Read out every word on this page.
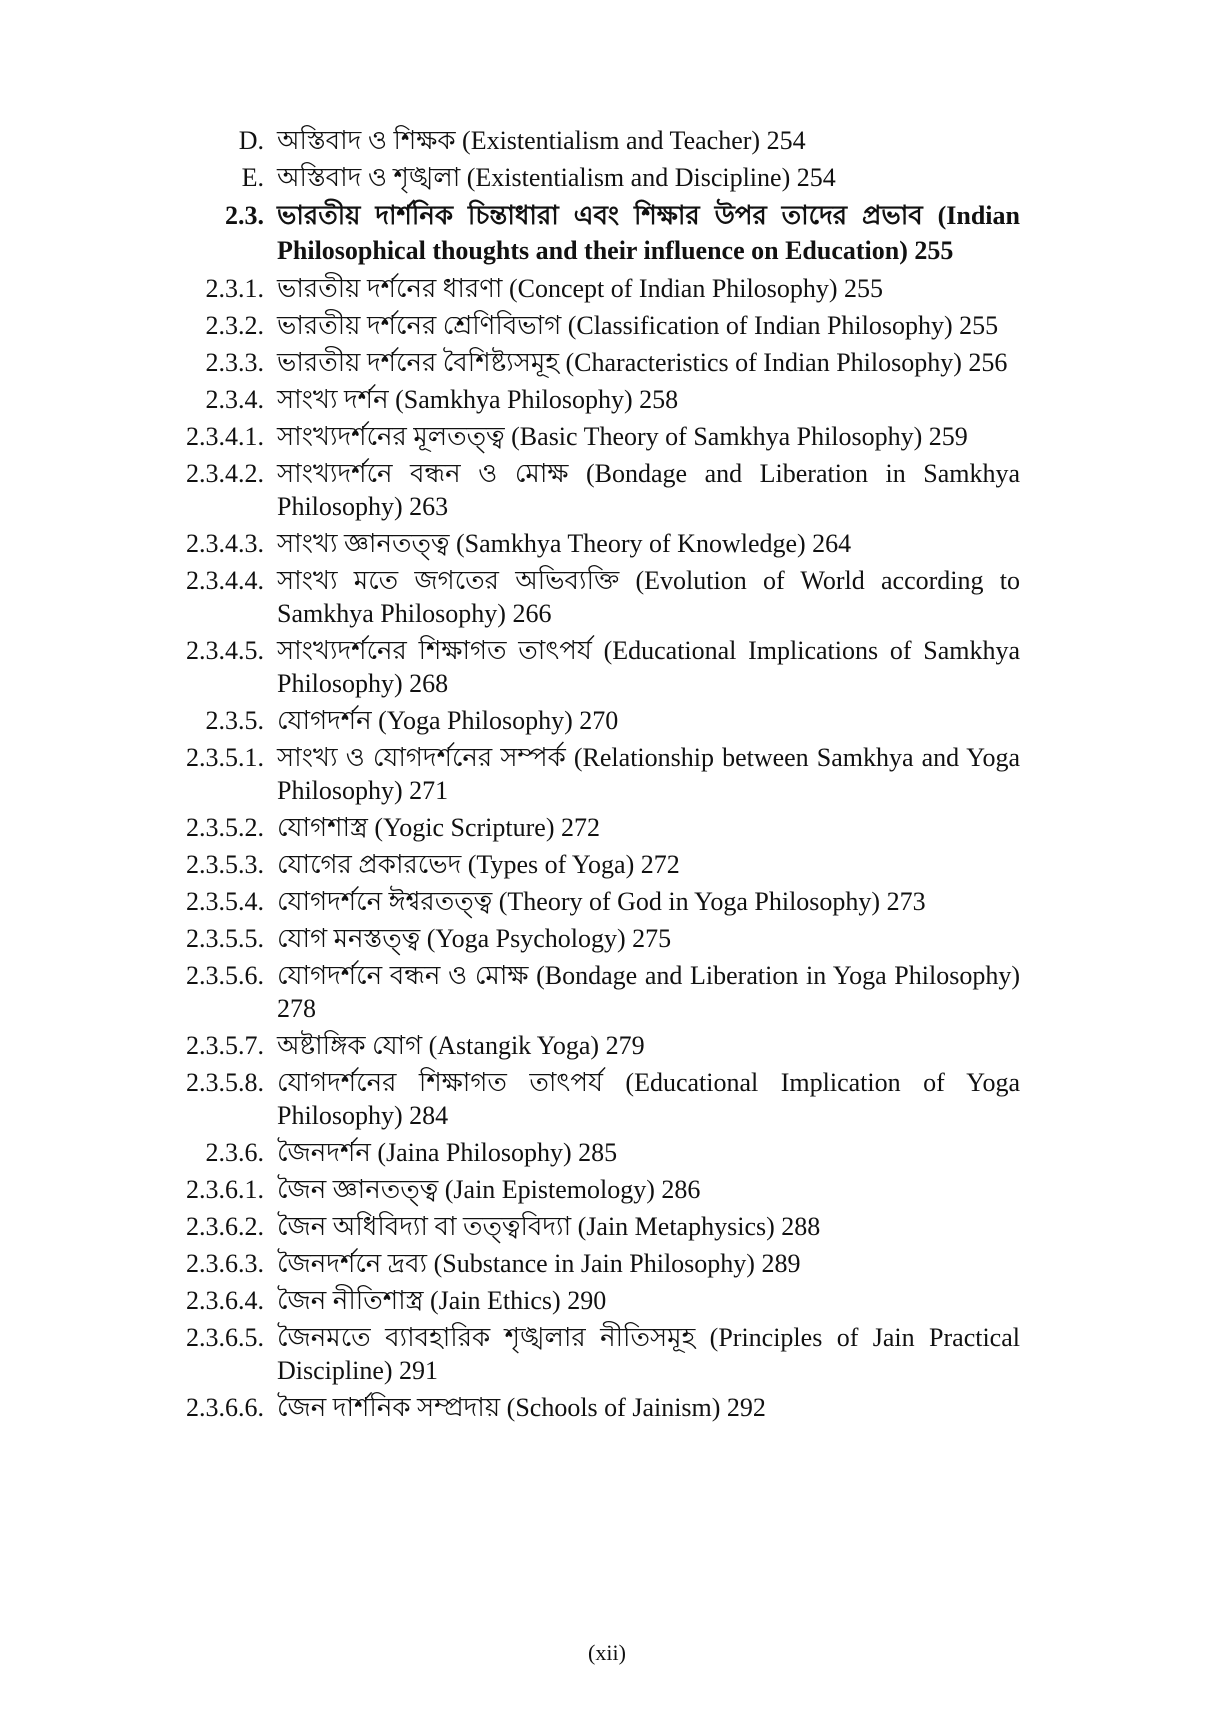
D. অস্তিবাদ ও শিক্ষক (Existentialism and Teacher) 254
E. অস্তিবাদ ও শৃঙ্খলা (Existentialism and Discipline) 254
2.3. ভারতীয় দার্শনিক চিন্তাধারা এবং শিক্ষার উপর তাদের প্রভাব (Indian Philosophical thoughts and their influence on Education) 255
2.3.1. ভারতীয় দর্শনের ধারণা (Concept of Indian Philosophy) 255
2.3.2. ভারতীয় দর্শনের শ্রেণিবিভাগ (Classification of Indian Philosophy) 255
2.3.3. ভারতীয় দর্শনের বৈশিষ্ট্যসমূহ (Characteristics of Indian Philosophy) 256
2.3.4. সাংখ্য দর্শন (Samkhya Philosophy) 258
2.3.4.1. সাংখ্যদর্শনের মূলতত্ত্ব (Basic Theory of Samkhya Philosophy) 259
2.3.4.2. সাংখ্যদর্শনে বন্ধন ও মোক্ষ (Bondage and Liberation in Samkhya Philosophy) 263
2.3.4.3. সাংখ্য জ্ঞানতত্ত্ব (Samkhya Theory of Knowledge) 264
2.3.4.4. সাংখ্য মতে জগতের অভিব্যক্তি (Evolution of World according to Samkhya Philosophy) 266
2.3.4.5. সাংখ্যদর্শনের শিক্ষাগত তাৎপর্য (Educational Implications of Samkhya Philosophy) 268
2.3.5. যোগদর্শন (Yoga Philosophy) 270
2.3.5.1. সাংখ্য ও যোগদর্শনের সম্পর্ক (Relationship between Samkhya and Yoga Philosophy) 271
2.3.5.2. যোগশাস্ত্র (Yogic Scripture) 272
2.3.5.3. যোগের প্রকারভেদ (Types of Yoga) 272
2.3.5.4. যোগদর্শনে ঈশ্বরতত্ত্ব (Theory of God in Yoga Philosophy) 273
2.3.5.5. যোগ মনস্তত্ত্ব (Yoga Psychology) 275
2.3.5.6. যোগদর্শনে বন্ধন ও মোক্ষ (Bondage and Liberation in Yoga Philosophy) 278
2.3.5.7. অষ্টাঙ্গিক যোগ (Astangik Yoga) 279
2.3.5.8. যোগদর্শনের শিক্ষাগত তাৎপর্য (Educational Implication of Yoga Philosophy) 284
2.3.6. জৈনদর্শন (Jaina Philosophy) 285
2.3.6.1. জৈন জ্ঞানতত্ত্ব (Jain Epistemology) 286
2.3.6.2. জৈন অধিবিদ্যা বা তত্ত্ববিদ্যা (Jain Metaphysics) 288
2.3.6.3. জৈনদর্শনে দ্রব্য (Substance in Jain Philosophy) 289
2.3.6.4. জৈন নীতিশাস্ত্র (Jain Ethics) 290
2.3.6.5. জৈনমতে ব্যাবহারিক শৃঙ্খলার নীতিসমূহ (Principles of Jain Practical Discipline) 291
2.3.6.6. জৈন দার্শনিক সম্প্রদায় (Schools of Jainism) 292
(xii)
